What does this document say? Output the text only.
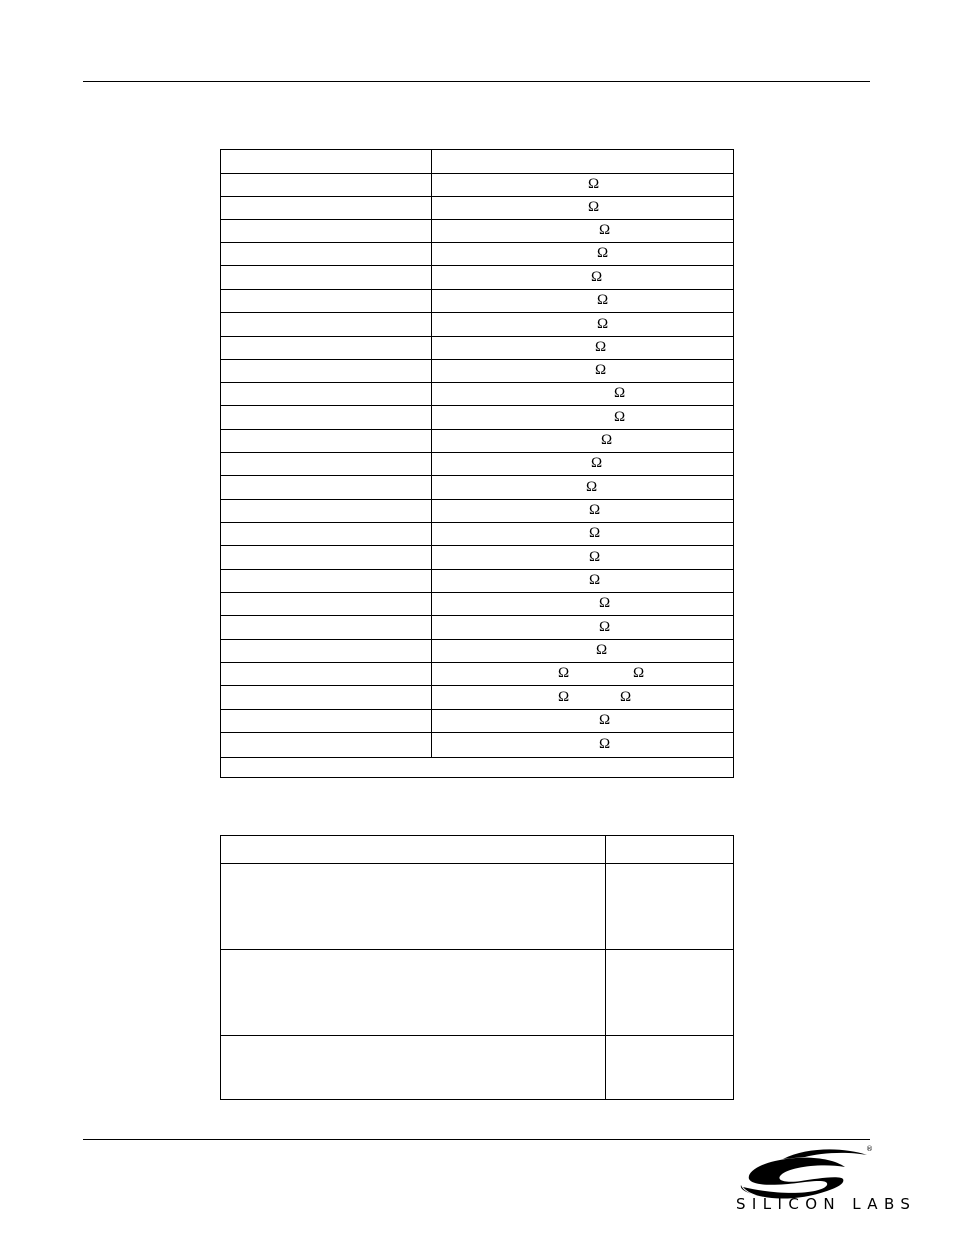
Ω
Ω
Ω
Ω
Ω
Ω
Ω
Ω
Ω
Ω
Ω
Ω
Ω
Ω
Ω
Ω
Ω
Ω
Ω
Ω
Ω
Ω	Ω
Ω	Ω
Ω
Ω
®
SILICON LABS
